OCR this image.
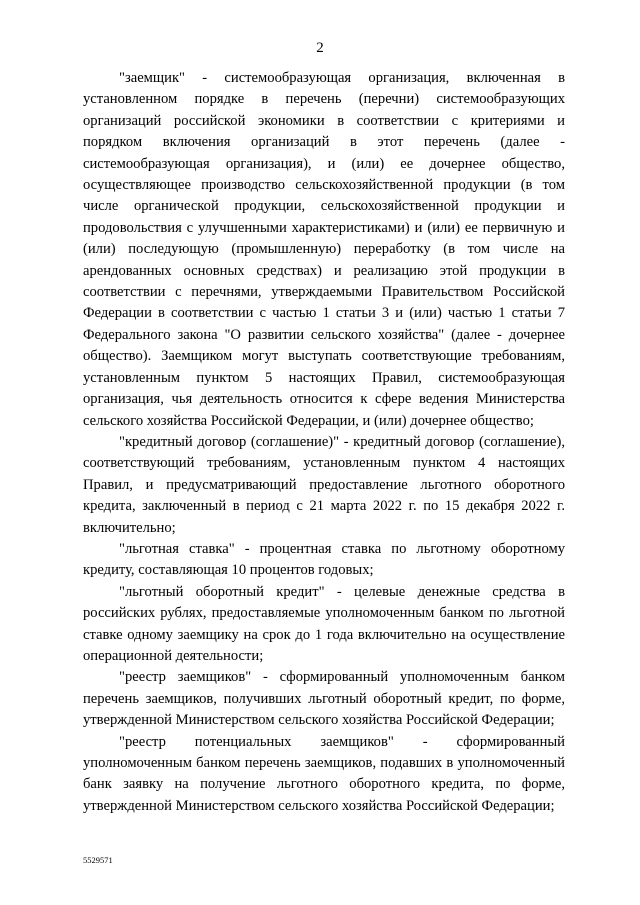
2

"заемщик" - системообразующая организация, включенная в установленном порядке в перечень (перечни) системообразующих организаций российской экономики в соответствии с критериями и порядком включения организаций в этот перечень (далее - системообразующая организация), и (или) ее дочернее общество, осуществляющее производство сельскохозяйственной продукции (в том числе органической продукции, сельскохозяйственной продукции и продовольствия с улучшенными характеристиками) и (или) ее первичную и (или) последующую (промышленную) переработку (в том числе на арендованных основных средствах) и реализацию этой продукции в соответствии с перечнями, утверждаемыми Правительством Российской Федерации в соответствии с частью 1 статьи 3 и (или) частью 1 статьи 7 Федерального закона "О развитии сельского хозяйства" (далее - дочернее общество). Заемщиком могут выступать соответствующие требованиям, установленным пунктом 5 настоящих Правил, системообразующая организация, чья деятельность относится к сфере ведения Министерства сельского хозяйства Российской Федерации, и (или) дочернее общество;

"кредитный договор (соглашение)" - кредитный договор (соглашение), соответствующий требованиям, установленным пунктом 4 настоящих Правил, и предусматривающий предоставление льготного оборотного кредита, заключенный в период с 21 марта 2022 г. по 15 декабря 2022 г. включительно;

"льготная ставка" - процентная ставка по льготному оборотному кредиту, составляющая 10 процентов годовых;

"льготный оборотный кредит" - целевые денежные средства в российских рублях, предоставляемые уполномоченным банком по льготной ставке одному заемщику на срок до 1 года включительно на осуществление операционной деятельности;

"реестр заемщиков" - сформированный уполномоченным банком перечень заемщиков, получивших льготный оборотный кредит, по форме, утвержденной Министерством сельского хозяйства Российской Федерации;

"реестр потенциальных заемщиков" - сформированный уполномоченным банком перечень заемщиков, подавших в уполномоченный банк заявку на получение льготного оборотного кредита, по форме, утвержденной Министерством сельского хозяйства Российской Федерации;

5529571
